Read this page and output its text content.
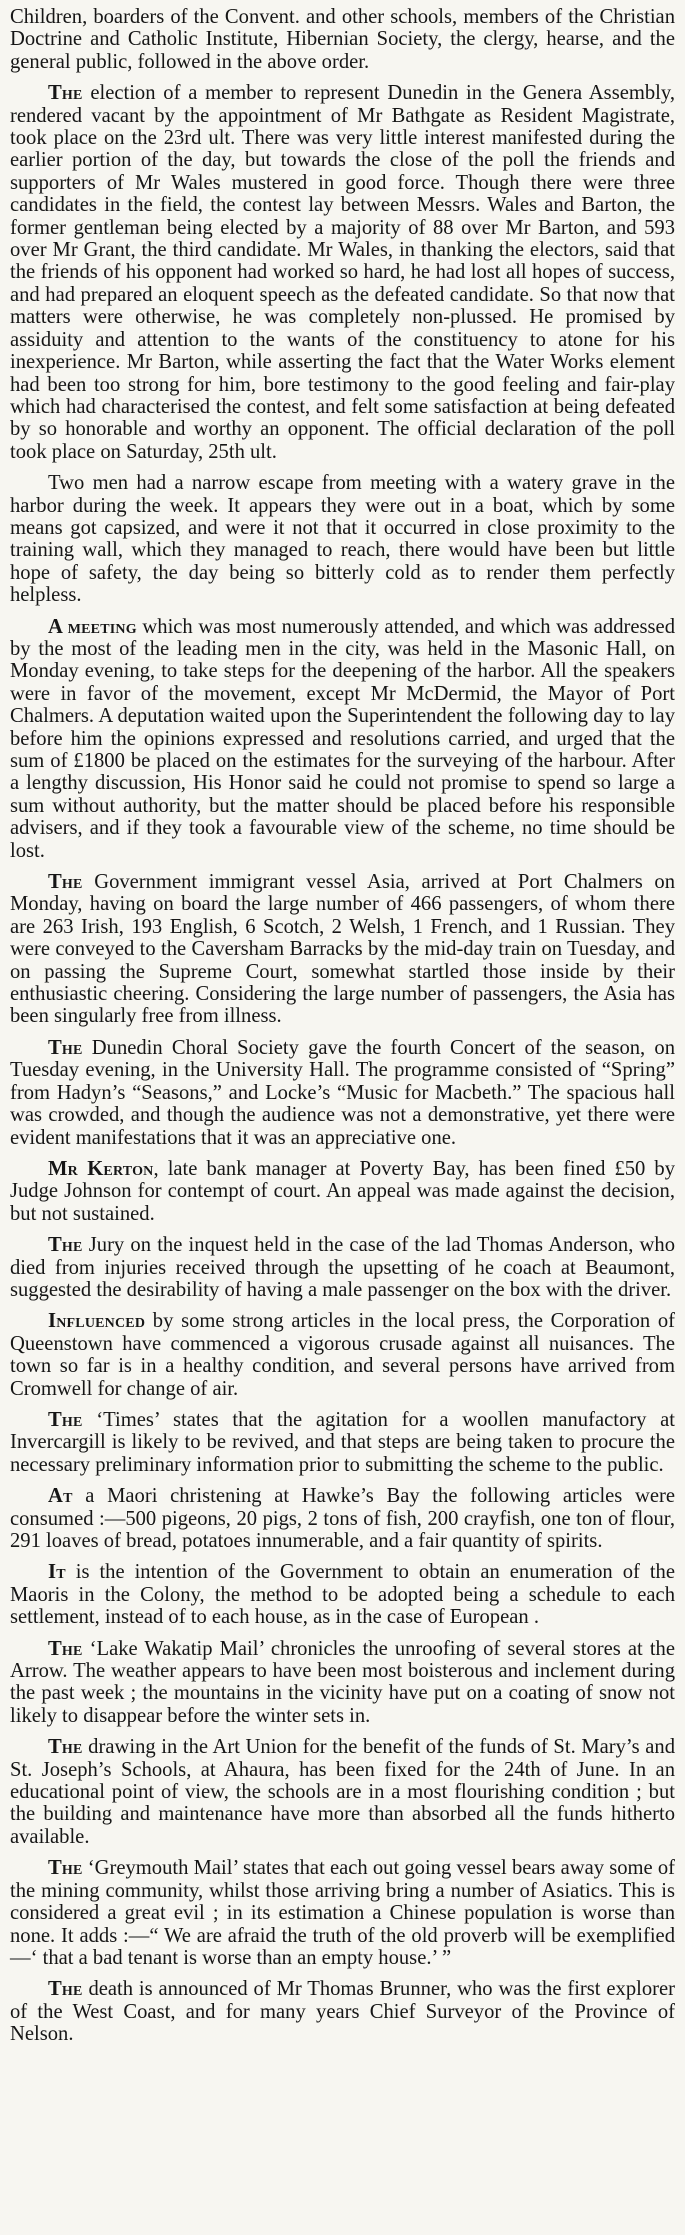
Children, boarders of the Convent. and other schools, members of the Christian Doctrine and Catholic Institute, Hibernian Society, the clergy, hearse, and the general public, followed in the above order.

The election of a member to represent Dunedin in the Genera Assembly, rendered vacant by the appointment of Mr Bathgate as Resident Magistrate, took place on the 23rd ult. There was very little interest manifested during the earlier portion of the day, but towards the close of the poll the friends and supporters of Mr Wales mustered in good force. Though there were three candidates in the field, the contest lay between Messrs. Wales and Barton, the former gentleman being elected by a majority of 88 over Mr Barton, and 593 over Mr Grant, the third candidate. Mr Wales, in thanking the electors, said that the friends of his opponent had worked so hard, he had lost all hopes of success, and had prepared an eloquent speech as the defeated candidate. So that now that matters were otherwise, he was completely non-plussed. He promised by assiduity and attention to the wants of the constituency to atone for his inexperience. Mr Barton, while asserting the fact that the Water Works element had been too strong for him, bore testimony to the good feeling and fair-play which had characterised the contest, and felt some satisfaction at being defeated by so honorable and worthy an opponent. The official declaration of the poll took place on Saturday, 25th ult.

Two men had a narrow escape from meeting with a watery grave in the harbor during the week. It appears they were out in a boat, which by some means got capsized, and were it not that it occurred in close proximity to the training wall, which they managed to reach, there would have been but little hope of safety, the day being so bitterly cold as to render them perfectly helpless.

A meeting which was most numerously attended, and which was addressed by the most of the leading men in the city, was held in the Masonic Hall, on Monday evening, to take steps for the deepening of the harbor. All the speakers were in favor of the movement, except Mr McDermid, the Mayor of Port Chalmers. A deputation waited upon the Superintendent the following day to lay before him the opinions expressed and resolutions carried, and urged that the sum of £1800 be placed on the estimates for the surveying of the harbour. After a lengthy discussion, His Honor said he could not promise to spend so large a sum without authority, but the matter should be placed before his responsible advisers, and if they took a favourable view of the scheme, no time should be lost.

The Government immigrant vessel Asia, arrived at Port Chalmers on Monday, having on board the large number of 466 passengers, of whom there are 263 Irish, 193 English, 6 Scotch, 2 Welsh, 1 French, and 1 Russian. They were conveyed to the Caversham Barracks by the mid-day train on Tuesday, and on passing the Supreme Court, somewhat startled those inside by their enthusiastic cheering. Considering the large number of passengers, the Asia has been singularly free from illness.

The Dunedin Choral Society gave the fourth Concert of the season, on Tuesday evening, in the University Hall. The programme consisted of “Spring” from Hadyn’s “Seasons,” and Locke’s “Music for Macbeth.” The spacious hall was crowded, and though the audience was not a demonstrative, yet there were evident manifestations that it was an appreciative one.

Mr Kerton, late bank manager at Poverty Bay, has been fined £50 by Judge Johnson for contempt of court. An appeal was made against the decision, but not sustained.

The Jury on the inquest held in the case of the lad Thomas Anderson, who died from injuries received through the upsetting of he coach at Beaumont, suggested the desirability of having a male passenger on the box with the driver.

Influenced by some strong articles in the local press, the Corporation of Queenstown have commenced a vigorous crusade against all nuisances. The town so far is in a healthy condition, and several persons have arrived from Cromwell for change of air.

The ‘Times’ states that the agitation for a woollen manufactory at Invercargill is likely to be revived, and that steps are being taken to procure the necessary preliminary information prior to submitting the scheme to the public.

At a Maori christening at Hawke’s Bay the following articles were consumed :—500 pigeons, 20 pigs, 2 tons of fish, 200 crayfish, one ton of flour, 291 loaves of bread, potatoes innumerable, and a fair quantity of spirits.

It is the intention of the Government to obtain an enumeration of the Maoris in the Colony, the method to be adopted being a schedule to each settlement, instead of to each house, as in the case of European .

The ‘Lake Wakatip Mail’ chronicles the unroofing of several stores at the Arrow. The weather appears to have been most boisterous and inclement during the past week ; the mountains in the vicinity have put on a coating of snow not likely to disappear before the winter sets in.

The drawing in the Art Union for the benefit of the funds of St. Mary’s and St. Joseph’s Schools, at Ahaura, has been fixed for the 24th of June. In an educational point of view, the schools are in a most flourishing condition ; but the building and maintenance have more than absorbed all the funds hitherto available.

The ‘Greymouth Mail’ states that each out going vessel bears away some of the mining community, whilst those arriving bring a number of Asiatics. This is considered a great evil ; in its estimation a Chinese population is worse than none. It adds :—“ We are afraid the truth of the old proverb will be exemplified—‘ that a bad tenant is worse than an empty house.’ ”

The death is announced of Mr Thomas Brunner, who was the first explorer of the West Coast, and for many years Chief Surveyor of the Province of Nelson.
